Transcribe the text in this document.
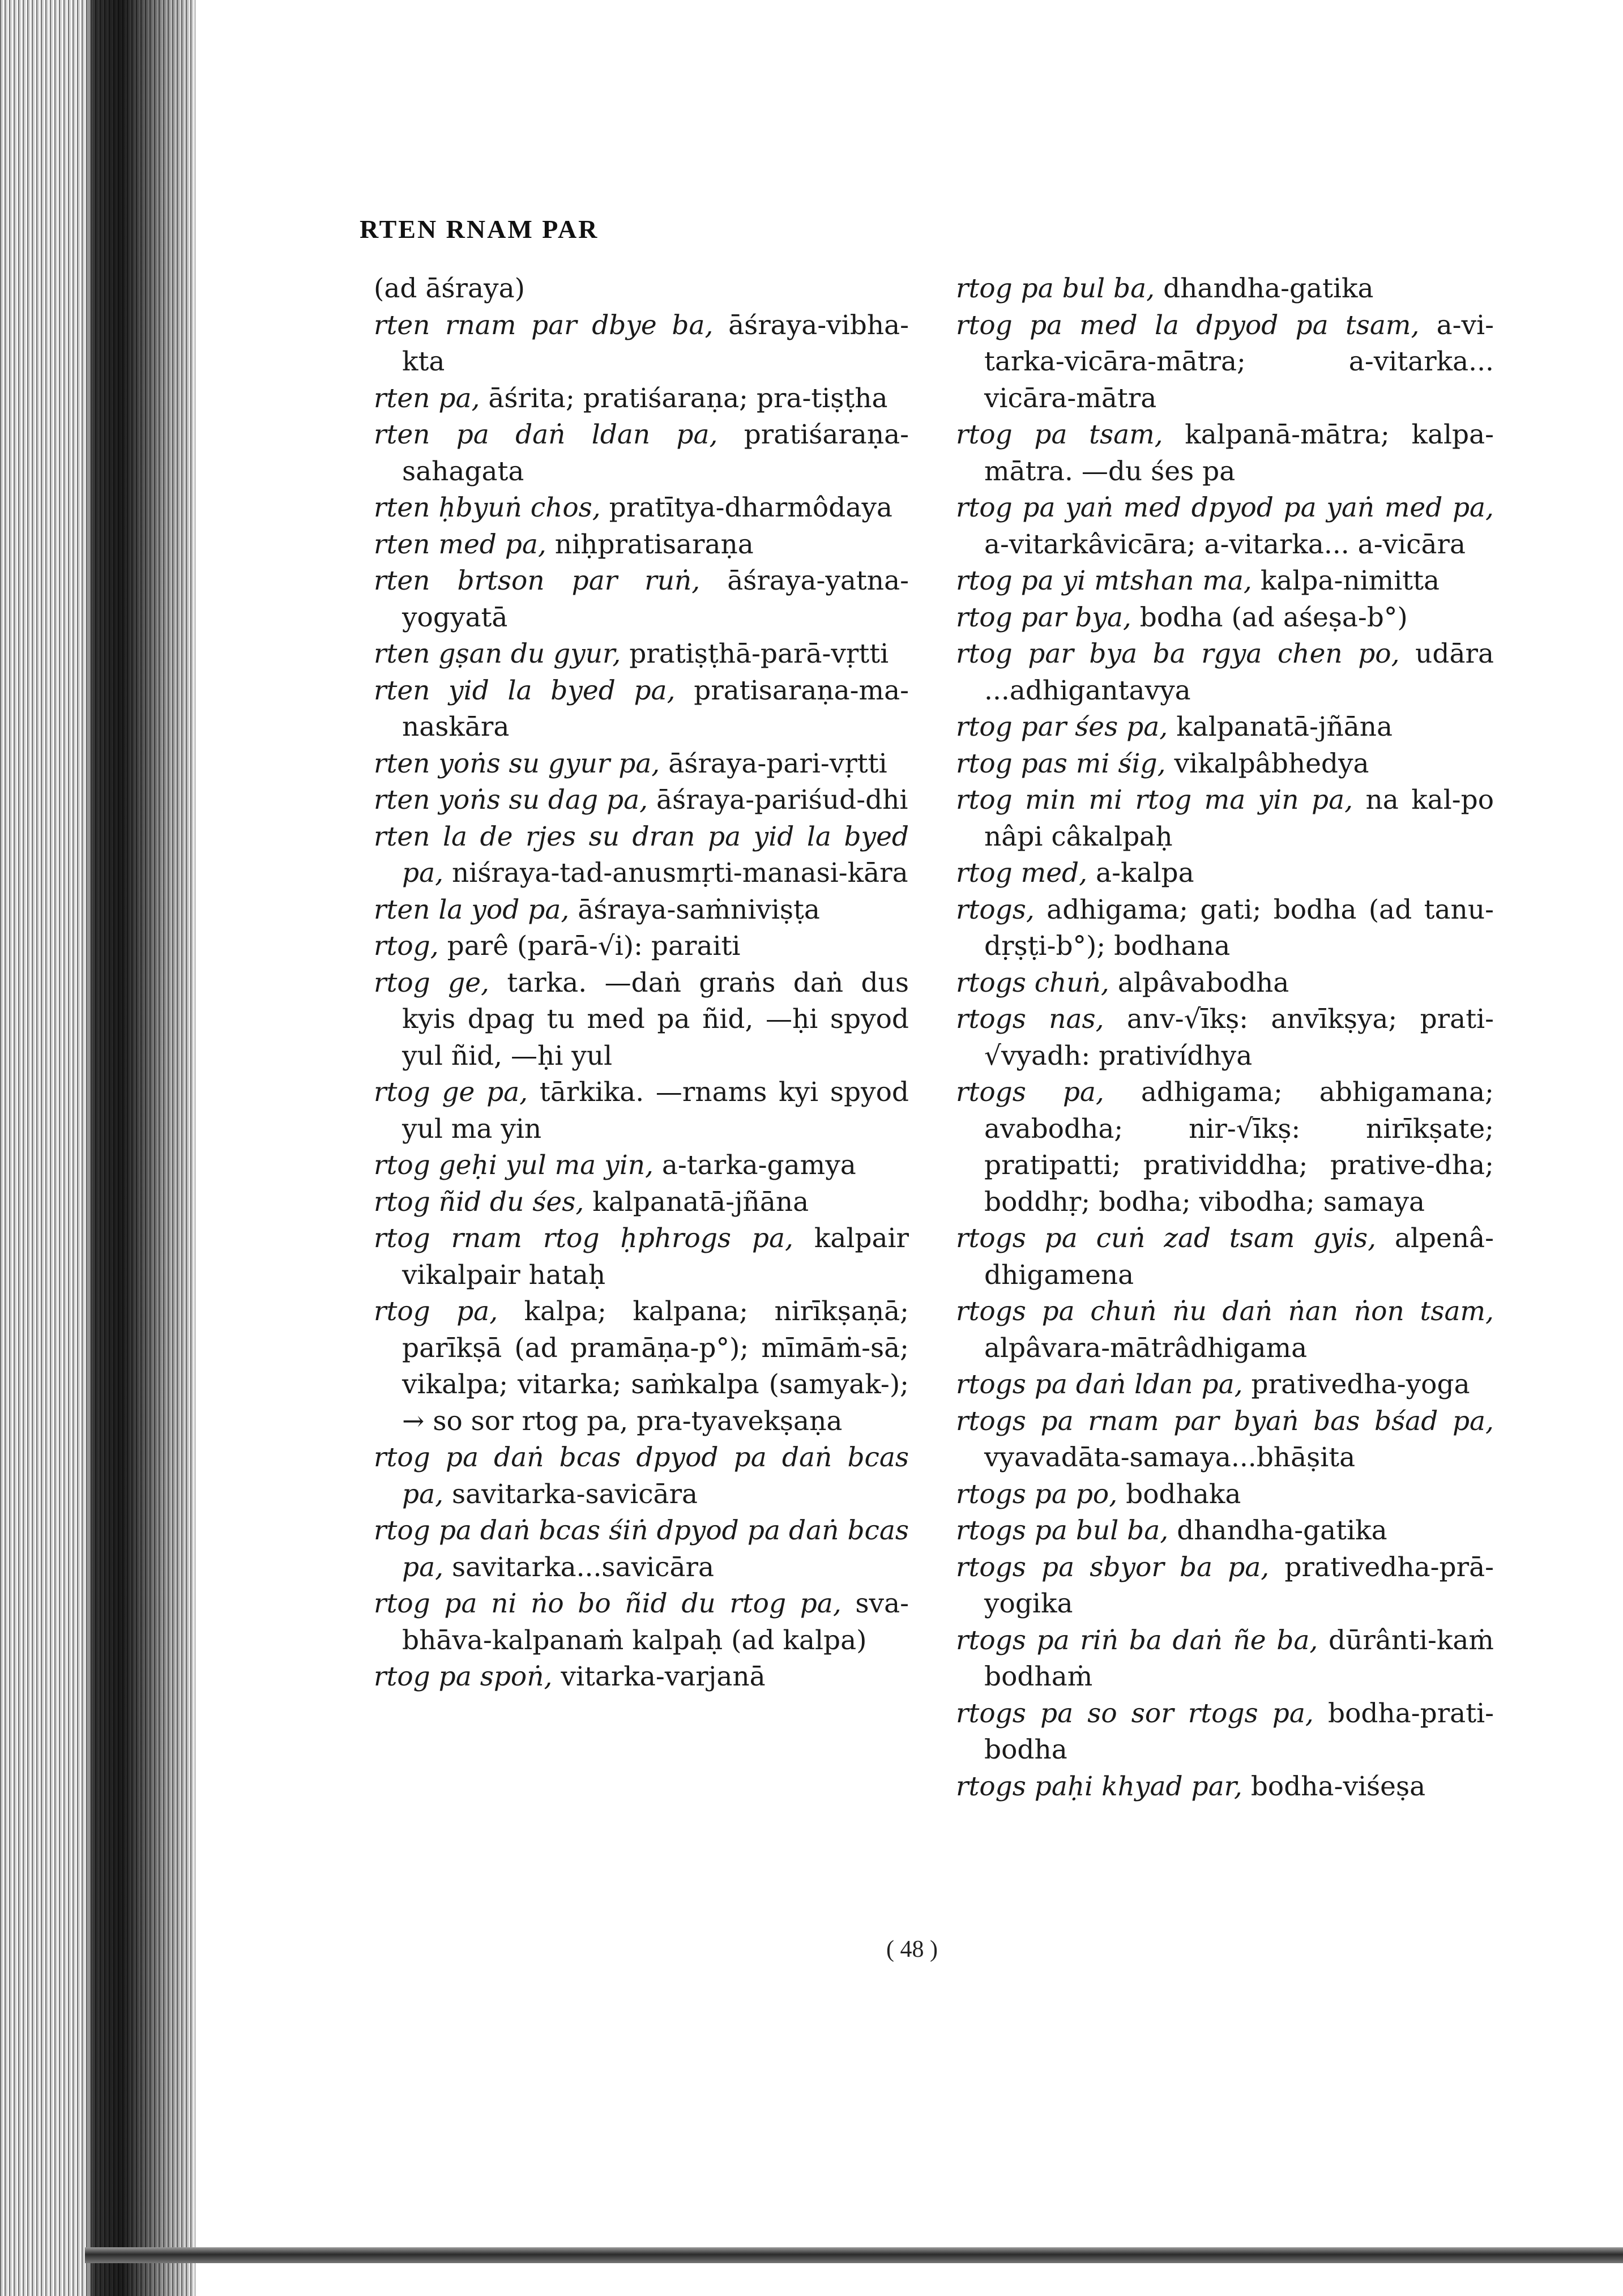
RTEN RNAM PAR
(ad āśraya)
rten rnam par dbye ba, āśraya-vibha-kta
rten pa, āśrita; pratiśaraṇa; pra-tiṣṭha
rten pa daṅ ldan pa, pratiśaraṇa-sahagata
rten ḥbyuṅ chos, pratītya-dharmôdaya
rten med pa, niḥpratisaraṇa
rten brtson par ruṅ, āśraya-yatna-yogyatā
rten gṣan du gyur, pratiṣṭhā-parā-vṛtti
rten yid la byed pa, pratisaraṇa-ma-naskāra
rten yoṅs su gyur pa, āśraya-pari-vṛtti
rten yoṅs su dag pa, āśraya-pariśud-dhi
rten la de rjes su dran pa yid la byed pa, niśraya-tad-anusmṛti-manasi-kāra
rten la yod pa, āśraya-saṁniviṣṭa
rtog, parê (parā-√i): paraiti
rtog ge, tarka. —daṅ graṅs daṅ dus kyis dpag tu med pa ñid, —ḥi spyod yul ñid, —ḥi yul
rtog ge pa, tārkika. —rnams kyi spyod yul ma yin
rtog geḥi yul ma yin, a-tarka-gamya
rtog ñid du śes, kalpanatā-jñāna
rtog rnam rtog ḥphrogs pa, kalpair vikalpair hataḥ
rtog pa, kalpa; kalpana; nirīkṣaṇā; parīkṣā (ad pramāṇa-p°); mīmāṁ-sā; vikalpa; vitarka; saṁkalpa (samyak-); → so sor rtog pa, pra-tyavekṣaṇa
rtog pa daṅ bcas dpyod pa daṅ bcas pa, savitarka-savicāra
rtog pa daṅ bcas śiṅ dpyod pa daṅ bcas pa, savitarka...savicāra
rtog pa ni ṅo bo ñid du rtog pa, sva-bhāva-kalpanaṁ kalpaḥ (ad kalpa)
rtog pa spoṅ, vitarka-varjanā
rtog pa bul ba, dhandha-gatika
rtog pa med la dpyod pa tsam, a-vi-tarka-vicāra-mātra; a-vitarka... vicāra-mātra
rtog pa tsam, kalpanā-mātra; kalpa-mātra. —du śes pa
rtog pa yaṅ med dpyod pa yaṅ med pa, a-vitarkâvicāra; a-vitarka... a-vicāra
rtog pa yi mtshan ma, kalpa-nimitta
rtog par bya, bodha (ad aśeṣa-b°)
rtog par bya ba rgya chen po, udāra ...adhigantavya
rtog par śes pa, kalpanatā-jñāna
rtog pas mi śig, vikalpâbhedya
rtog min mi rtog ma yin pa, na kal-po nâpi câkalpaḥ
rtog med, a-kalpa
rtogs, adhigama; gati; bodha (ad tanu-dṛṣṭi-b°); bodhana
rtogs chuṅ, alpâvabodha
rtogs nas, anv-√īkṣ: anvīkṣya; prati-√vyadh: prativídhya
rtogs pa, adhigama; abhigamana; avabodha; nir-√īkṣ: nirīkṣate; pratipatti; pratividdha; prative-dha; boddhṛ; bodha; vibodha; samaya
rtogs pa cuṅ zad tsam gyis, alpenâ-dhigamena
rtogs pa chuṅ ṅu daṅ ṅan ṅon tsam, alpâvara-mātrâdhigama
rtogs pa daṅ ldan pa, prativedha-yoga
rtogs pa rnam par byaṅ bas bśad pa, vyavadāta-samaya...bhāṣita
rtogs pa po, bodhaka
rtogs pa bul ba, dhandha-gatika
rtogs pa sbyor ba pa, prativedha-prā-yogika
rtogs pa riṅ ba daṅ ñe ba, dūrânti-kaṁ bodhaṁ
rtogs pa so sor rtogs pa, bodha-prati-bodha
rtogs paḥi khyad par, bodha-viśeṣa
( 48 )
